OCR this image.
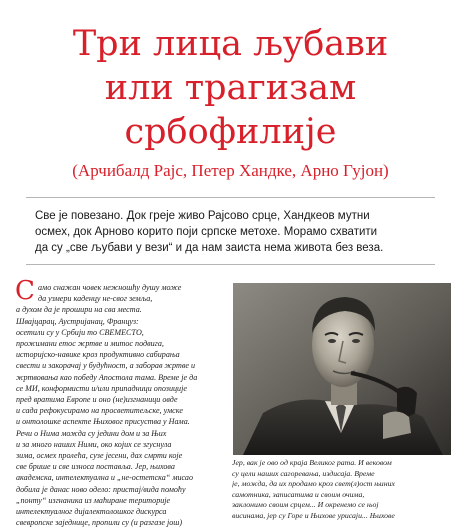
Три лица љубави
или трагизам
србофилије
(Арчибалд Рајс, Петер Хандке, Арно Гујон)
Све је повезано. Док греје живо Рајсово срце, Хандкеов мутни
осмех, док Арновo корито поји српске метохе. Морамо схватити
да су „све љубави у вези“ и да нам заиста нема живота без веза.
С амо снажан човек нежношћу душу може
да узмери каденцу не-свог земља,
а духом да је прошири на сва места.
Швајцарац, Аустријанац, Француз:
осетили су у Србији то СВЕМЕСТО,
прожимани етос жртве и митос подвига,
историјско-навике кроз продуктивно сабирања
свести и закорачај у будућност, а заборав жртве и
жртвовања као победу Апостола тама. Време је да
се МИ, конформисти и/или припадници опозиције
пред вратима Европе и оно (не)изгнаници овде
и сада рефокусирамо на просветитељске, умске
и онтолошке аспекте Њиховог присуства у Нама.
Речи о Нима можда су једини дом и за Њих
и за много наших Ними, око којих се згуснула
зима, осмех пролећа, сузе јесени, дах смрти које
све брише и све износа поставља. Јер, њихова
академска, интелектуална и „не-остетска“ мисао
добила је данас ново одело: пристај/вида помоћу
„понту“ изгнаника из маћиране територије
интелектуалног дијалектолошког дискурса
свевропске заједнице, пропили су (и разгазе још)
Јер, вак је ово од краја Великог рата. И вековом
су цели наших сагоревања, издисаја. Време
је, можда, да их продамо кроз свет(л)ост њиних
самотника, записатима и своим очима,
заклонимо своим срцем... И окренемо се њој
висинама, јер су Горе и Њихове урисаји... Њихове
